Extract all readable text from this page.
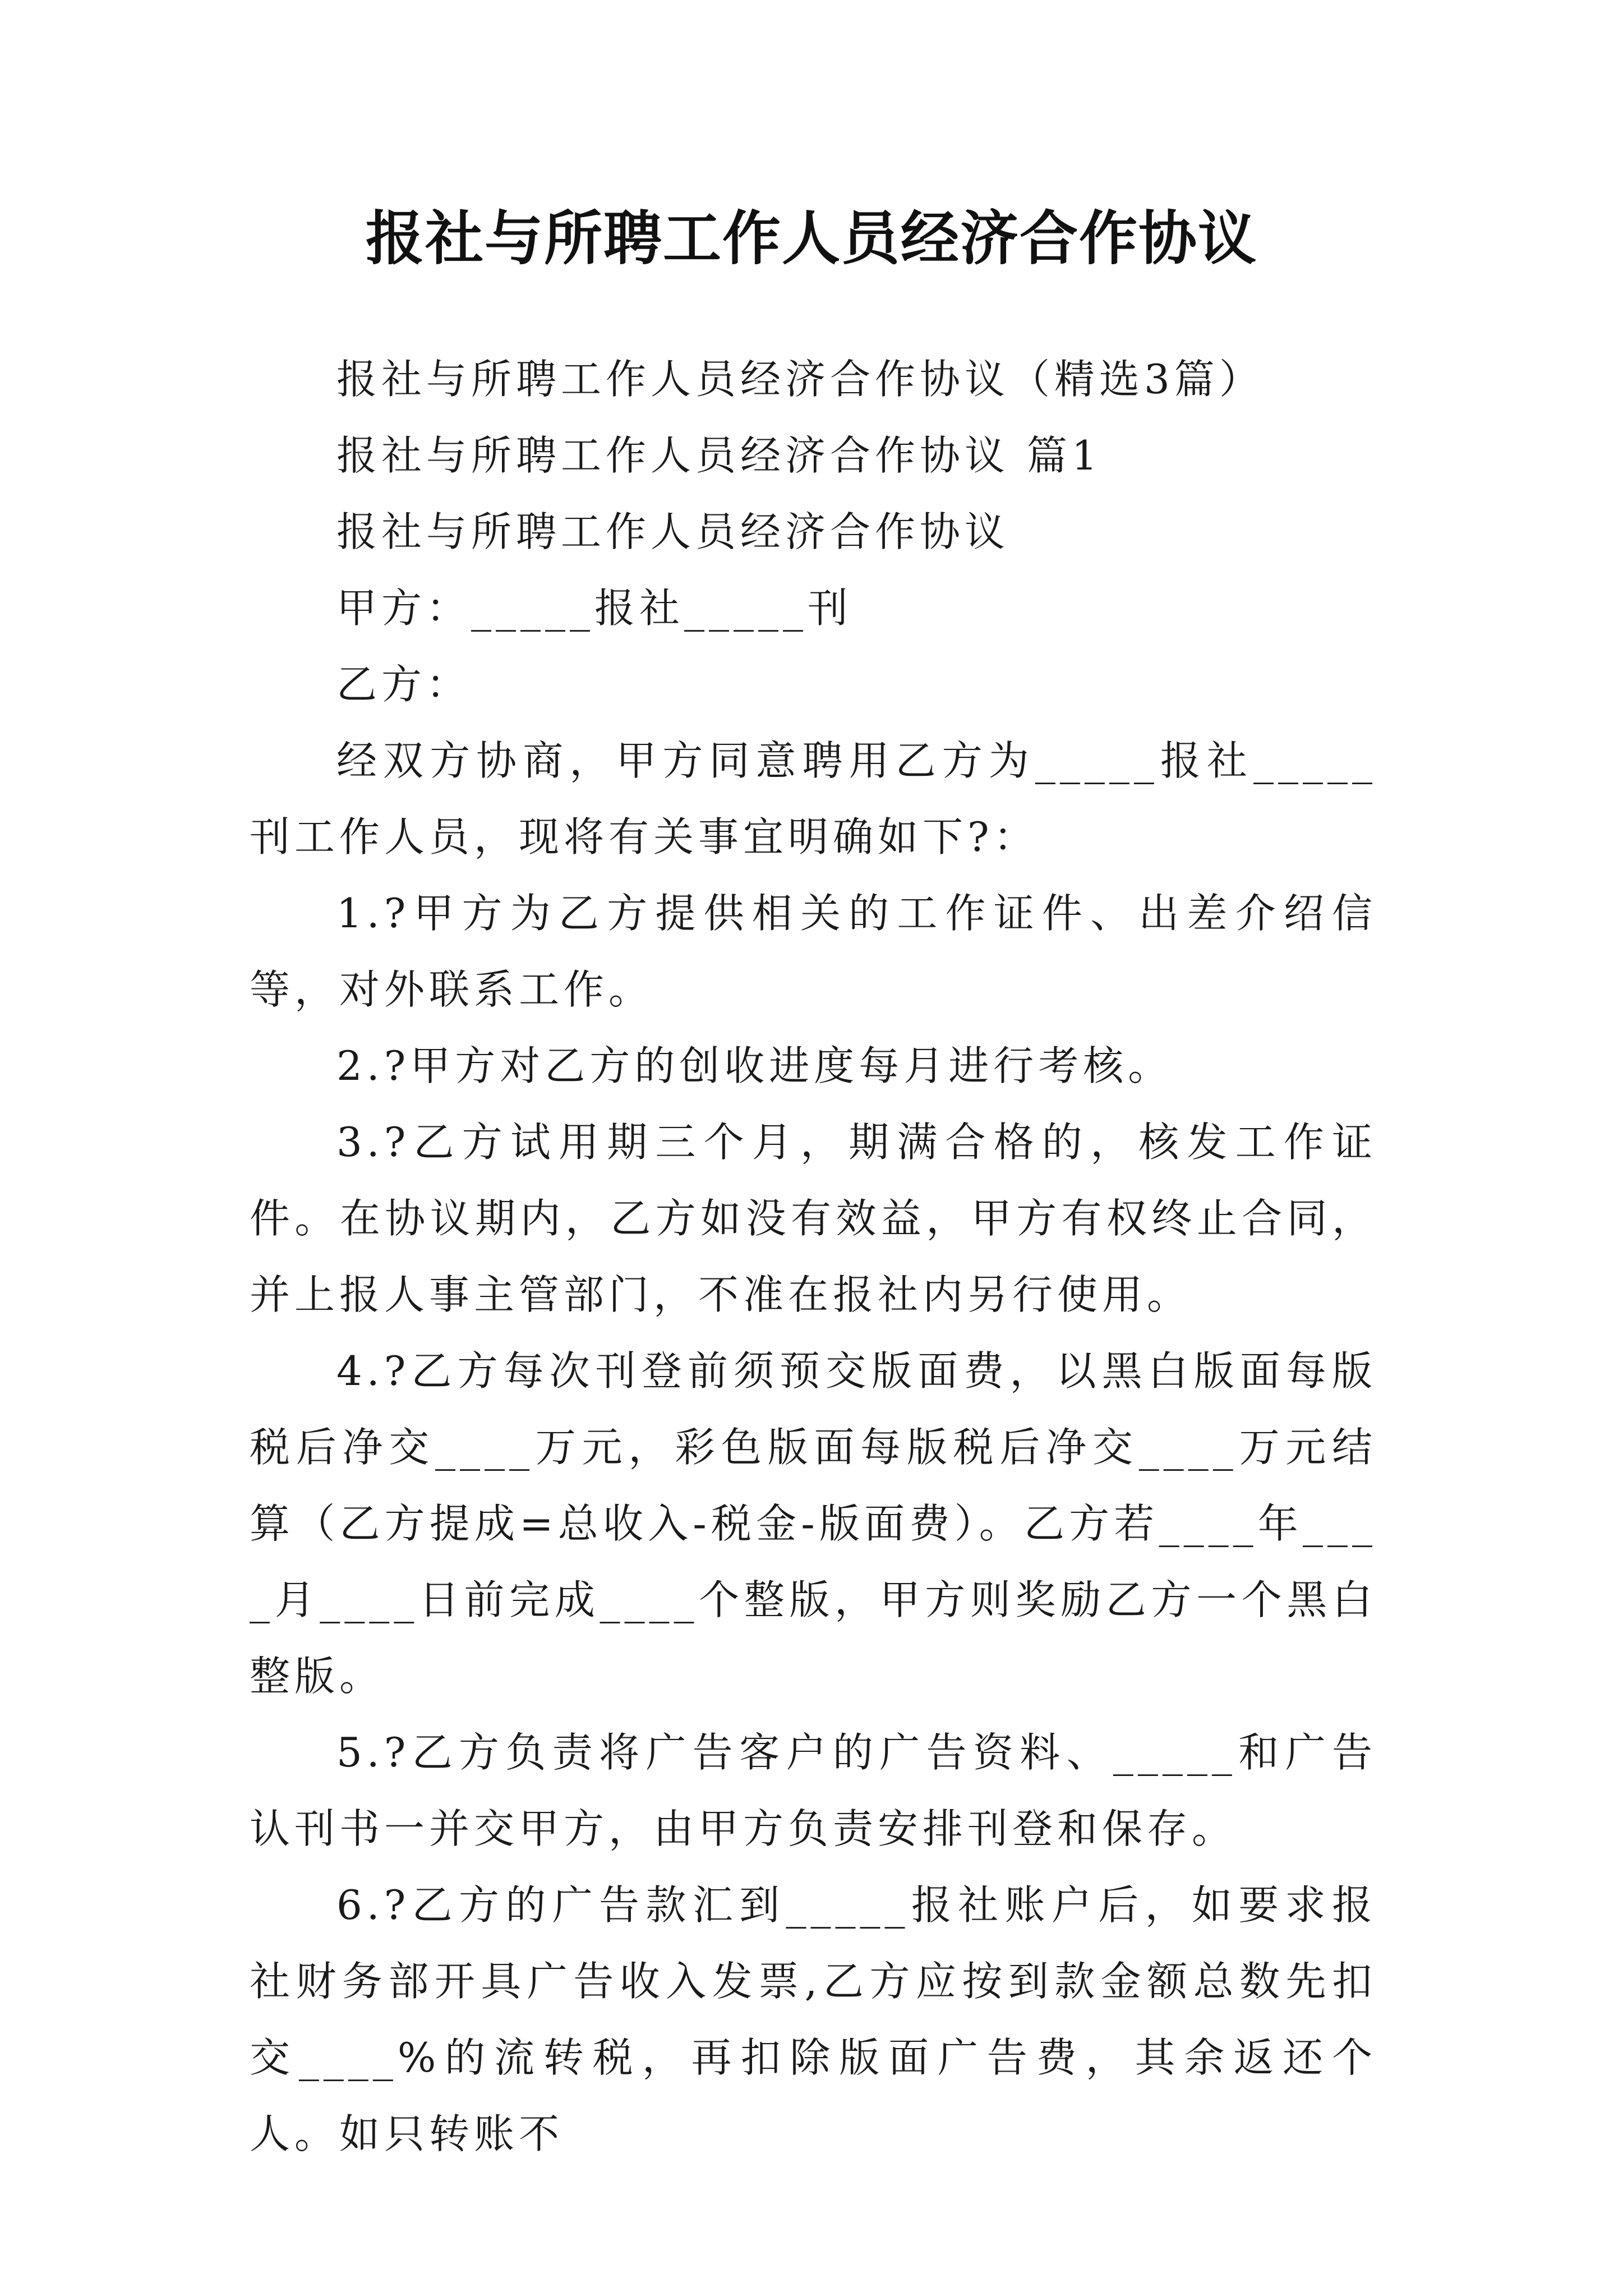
报社与所聘工作人员经济合作协议

报社与所聘工作人员经济合作协议（精选3篇）

报社与所聘工作人员经济合作协议 篇1

报社与所聘工作人员经济合作协议

甲方：_____报社_____刊

乙方：

经双方协商，甲方同意聘用乙方为_____报社_____刊工作人员，现将有关事宜明确如下?：

1.?甲方为乙方提供相关的工作证件、出差介绍信等，对外联系工作。

2.?甲方对乙方的创收进度每月进行考核。

3.?乙方试用期三个月，期满合格的，核发工作证件。在协议期内，乙方如没有效益，甲方有权终止合同，并上报人事主管部门，不准在报社内另行使用。

4.?乙方每次刊登前须预交版面费，以黑白版面每版税后净交____万元，彩色版面每版税后净交____万元结算（乙方提成=总收入-税金-版面费）。乙方若____年____月____日前完成____个整版，甲方则奖励乙方一个黑白整版。

5.?乙方负责将广告客户的广告资料、_____和广告认刊书一并交甲方，由甲方负责安排刊登和保存。

6.?乙方的广告款汇到_____报社账户后，如要求报社财务部开具广告收入发票,乙方应按到款金额总数先扣交____%的流转税，再扣除版面广告费，其余返还个人。如只转账不
